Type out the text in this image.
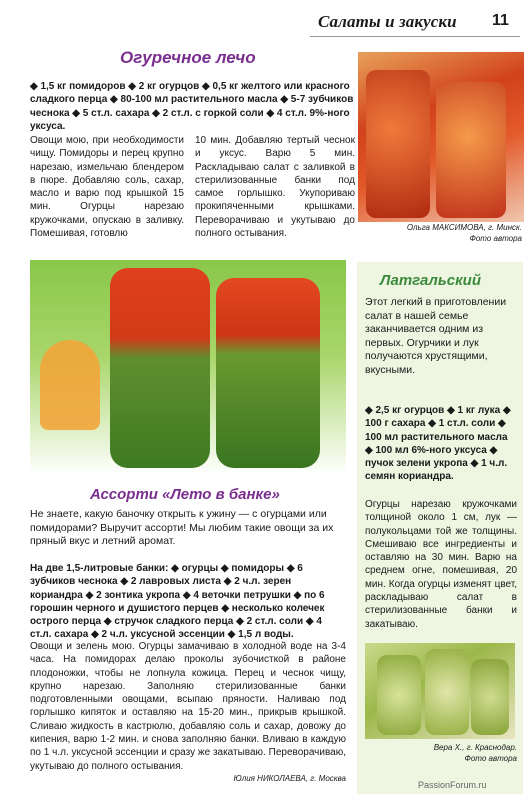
Салаты и закуски 11
Огуречное лечо
◆ 1,5 кг помидоров ◆ 2 кг огурцов ◆ 0,5 кг желтого или красного сладкого перца ◆ 80-100 мл растительного масла ◆ 5-7 зубчиков чеснока ◆ 5 ст.л. сахара ◆ 2 ст.л. с горкой соли ◆ 4 ст.л. 9%-ного уксуса.
Овощи мою, при необходимости чищу. Помидоры и перец крупно нарезаю, измельчаю блендером в пюре. Добавляю соль, сахар, масло и варю под крышкой 15 мин. Огурцы нарезаю кружочками, опускаю в заливку. Помешивая, готовлю
10 мин. Добавляю тертый чеснок и уксус. Варю 5 мин. Раскладываю салат с заливкой в стерилизованные банки под самое горлышко. Укупориваю прокипяченными крышками. Переворачиваю и укутываю до полного остывания.
Ольга МАКСИМОВА, г. Минск.
Фото автора
Ассорти «Лето в банке»
Не знаете, какую баночку открыть к ужину — с огурцами или помидорами? Выручит ассорти! Мы любим такие овощи за их пряный вкус и летний аромат.
На две 1,5-литровые банки: ◆ огурцы ◆ помидоры ◆ 6 зубчиков чеснока ◆ 2 лавровых листа ◆ 2 ч.л. зерен кориандра ◆ 2 зонтика укропа ◆ 4 веточки петрушки ◆ по 6 горошин черного и душистого перцев ◆ несколько колечек острого перца ◆ стручок сладкого перца ◆ 2 ст.л. соли ◆ 4 ст.л. сахара ◆ 2 ч.л. уксусной эссенции ◆ 1,5 л воды.
Овощи и зелень мою. Огурцы замачиваю в холодной воде на 3-4 часа. На помидорах делаю проколы зубочисткой в районе плодоножки, чтобы не лопнула кожица. Перец и чеснок чищу, крупно нарезаю. Заполняю стерилизованные банки подготовленными овощами, всыпаю пряности. Наливаю под горлышко кипяток и оставляю на 15-20 мин., прикрыв крышкой. Сливаю жидкость в кастрюлю, добавляю соль и сахар, довожу до кипения, варю 1-2 мин. и снова заполняю банки. Вливаю в каждую по 1 ч.л. уксусной эссенции и сразу же закатываю. Переворачиваю, укутываю до полного остывания.
Юлия НИКОЛАЕВА, г. Москва
Латгальский
Этот легкий в приготовлении салат в нашей семье заканчивается одним из первых. Огурчики и лук получаются хрустящими, вкусными.
◆ 2,5 кг огурцов ◆ 1 кг лука ◆ 100 г сахара ◆ 1 ст.л. соли ◆ 100 мл растительного масла ◆ 100 мл 6%-ного уксуса ◆ пучок зелени укропа ◆ 1 ч.л. семян кориандра.
Огурцы нарезаю кружочками толщиной около 1 см, лук — полукольцами той же толщины. Смешиваю все ингредиенты и оставляю на 30 мин. Варю на среднем огне, помешивая, 20 мин. Когда огурцы изменят цвет, раскладываю салат в стерилизованные банки и закатываю.
Вера Х., г. Краснодар.
Фото автора
PassionForum.ru
